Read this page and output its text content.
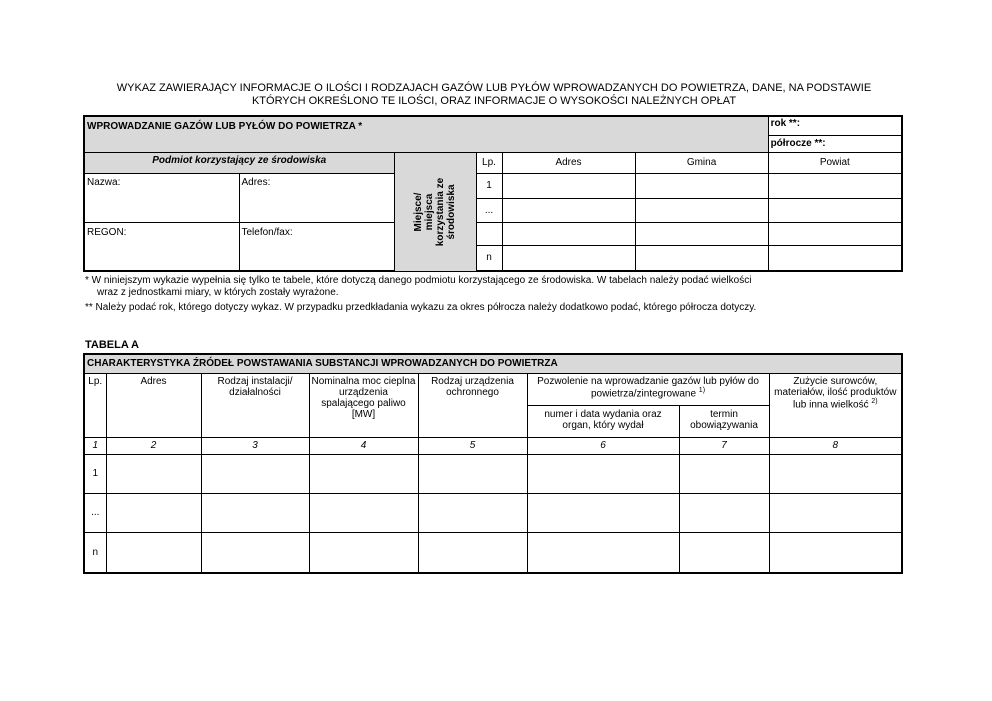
WYKAZ ZAWIERAJĄCY INFORMACJE O ILOŚCI I RODZAJACH GAZÓW LUB PYŁÓW WPROWADZANYCH DO POWIETRZA, DANE, NA PODSTAWIE
KTÓRYCH OKREŚLONO TE ILOŚCI, ORAZ INFORMACJE O WYSOKOŚCI NALEŻNYCH OPŁAT
WPROWADZANIE GAZÓW LUB PYŁÓW DO POWIETRZA *						rok **:
półrocze **:

Podmiot korzystający ze środowiska		Miejsce/ miejsca korzystania ze środowiska	Lp.	Adres	Gmina	Powiat
Nazwa:	Adres:		1			
			...			
REGON:	Telefon/fax:					
			n			
* W niniejszym wykazie wypełnia się tylko te tabele, które dotyczą danego podmiotu korzystającego ze środowiska. W tabelach należy podać wielkości
wraz z jednostkami miary, w których zostały wyrażone.
** Należy podać rok, którego dotyczy wykaz. W przypadku przedkładania wykazu za okres półrocza należy dodatkowo podać, którego półrocza dotyczy.
TABELA A
CHARAKTERYSTYKA ŹRÓDEŁ POWSTAWANIA SUBSTANCJI WPROWADZANYCH DO POWIETRZA							
Lp.	Adres	Rodzaj instalacji/ działalności	Nominalna moc cieplna urządzenia spalającego paliwo [MW]	Rodzaj urządzenia ochronnego	Pozwolenie na wprowadzanie gazów lub pyłów do powietrza/zintegrowane $^{1)}$		Zużycie surowców, materiałów, ilość produktów lub inna wielkość $^{2)}$
					numer i data wydania oraz organ, który wydał	termin obowiązywania	
1	2	3	4	5	6	7	8
1							
...							
n							
